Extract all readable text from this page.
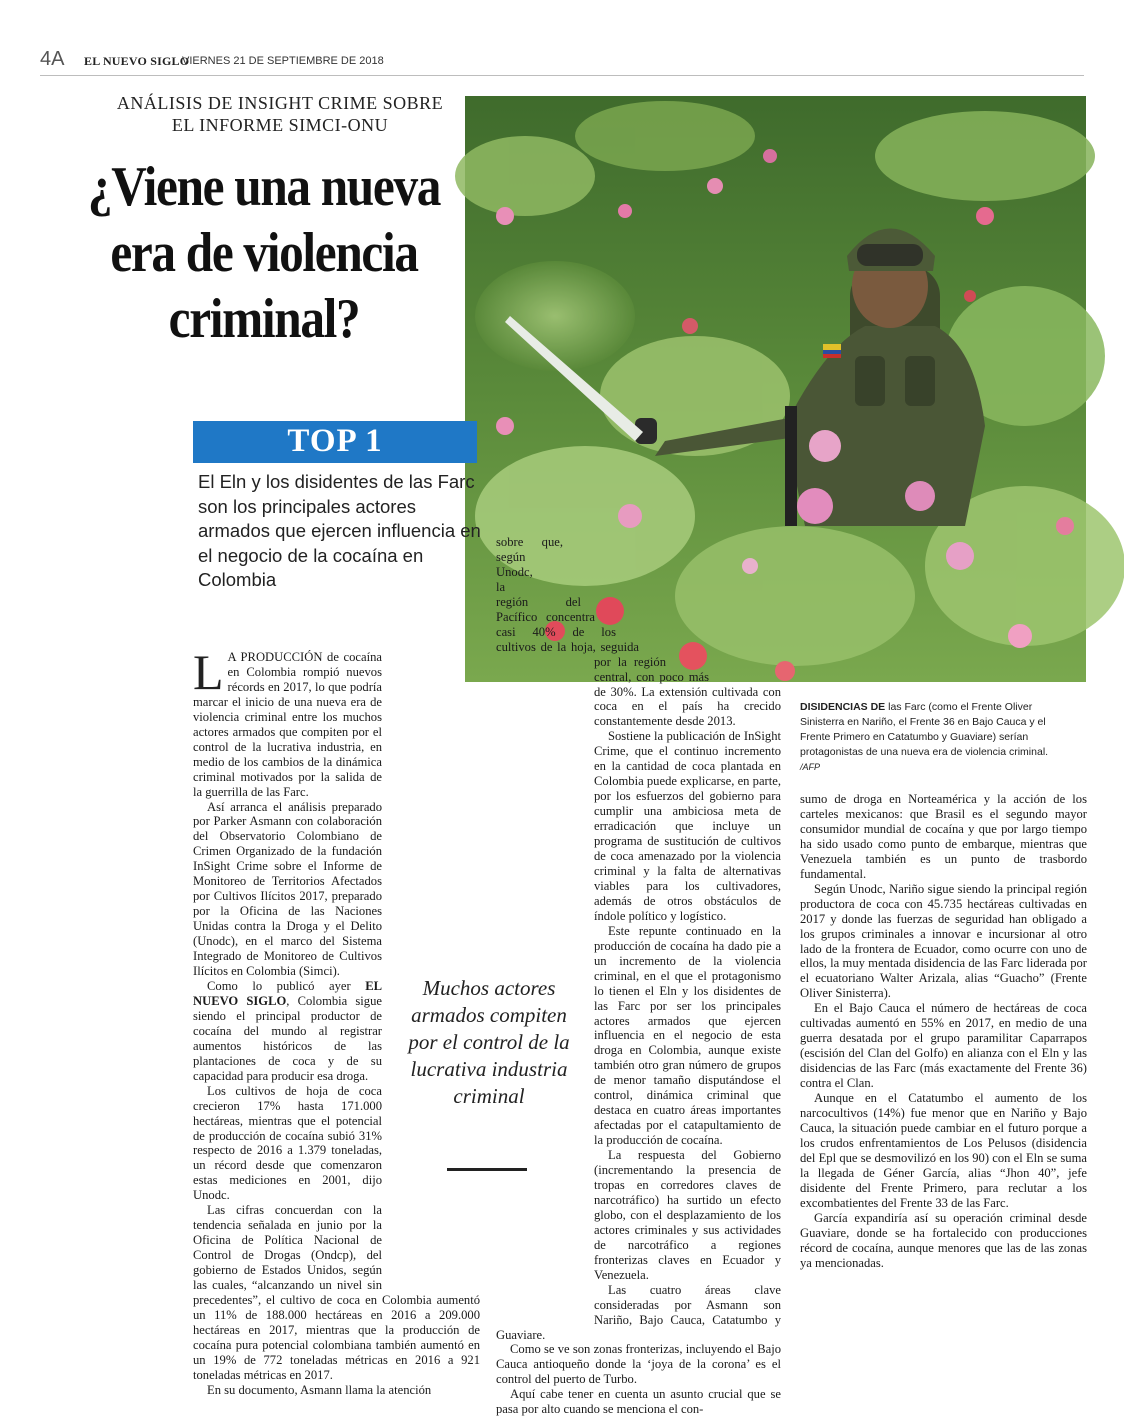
4A EL NUEVO SIGLO
VIERNES 21 DE SEPTIEMBRE DE 2018
ANÁLISIS DE INSIGHT CRIME SOBRE
EL INFORME SIMCI-ONU
¿Viene una nueva
era de violencia
criminal?
DISIDENCIAS DE las Farc (como el Frente Oliver Sinisterra en Nariño, el Frente 36 en Bajo Cauca y el Frente Primero en Catatumbo y Guaviare) serían protagonistas de una nueva era de violencia criminal. /AFP
TOP 1
El Eln y los disidentes de las Farc son los principales actores armados que ejercen influencia en el negocio de la cocaína en Colombia

L A PRODUCCIÓN de cocaína en Colombia rompió nuevos récords en 2017, lo que podría marcar el inicio de una nueva era de violencia criminal entre los muchos actores armados que compiten por el control de la lucrativa industria, en medio de los cambios de la dinámica criminal motivados por la salida de la guerrilla de las Farc.

Así arranca el análisis preparado por Parker Asmann con colaboración del Observatorio Colombiano de Crimen Organizado de la fundación InSight Crime sobre el Informe de Monitoreo de Territorios Afectados por Cultivos Ilícitos 2017, preparado por la Oficina de las Naciones Unidas contra la Droga y el Delito (Unodc), en el marco del Sistema Integrado de Monitoreo de Cultivos Ilícitos en Colombia (Simci).

Como lo publicó ayer EL NUEVO SIGLO, Colombia sigue siendo el principal productor de cocaína del mundo al registrar aumentos históricos de las plantaciones de coca y de su capacidad para producir esa droga.

Los cultivos de hoja de coca crecieron 17% hasta 171.000 hectáreas, mientras que el potencial de producción de cocaína subió 31% respecto de 2016 a 1.379 toneladas, un récord desde que comenzaron estas mediciones en 2001, dijo Unodc.

Las cifras concuerdan con la tendencia señalada en junio por la Oficina de Política Nacional de Control de Drogas (Ondcp), del gobierno de Estados Unidos, según las cuales, “alcanzando un nivel sin precedentes”, el cultivo de coca en Colombia aumentó un 11% de 188.000 hectáreas en 2016 a 209.000 hectáreas en 2017, mientras que la producción de cocaína pura potencial colombiana también aumentó en un 19% de 772 toneladas métricas en 2016 a 921 toneladas métricas en 2017.

En su documento, Asmann llama la atención

sobre que, según Unodc, la región del Pacífico concentra casi 40% de los cultivos de la hoja, seguida por la región central, con poco más de 30%. La extensión cultivada con coca en el país ha crecido constantemente desde 2013.

Sostiene la publicación de InSight Crime, que el continuo incremento en la cantidad de coca plantada en Colombia puede explicarse, en parte, por los esfuerzos del gobierno para cumplir una ambiciosa meta de erradicación que incluye un programa de sustitución de cultivos de coca amenazado por la violencia criminal y la falta de alternativas viables para los cultivadores, además de otros obstáculos de índole político y logístico.

Este repunte continuado en la producción de cocaína ha dado pie a un incremento de la violencia criminal, en el que el protagonismo lo tienen el Eln y los disidentes de las Farc por ser los principales actores armados que ejercen influencia en el negocio de esta droga en Colombia, aunque existe también otro gran número de grupos de menor tamaño disputándose el control, dinámica criminal que destaca en cuatro áreas importantes afectadas por el catapultamiento de la producción de cocaína.

La respuesta del Gobierno (incrementando la presencia de tropas en corredores claves de narcotráfico) ha surtido un efecto globo, con el desplazamiento de los actores criminales y sus actividades de narcotráfico a regiones fronterizas claves en Ecuador y Venezuela.

Las cuatro áreas clave consideradas por Asmann son Nariño, Bajo Cauca, Catatumbo y Guaviare.

Como se ve son zonas fronterizas, incluyendo el Bajo Cauca antioqueño donde la ‘joya de la corona’ es el control del puerto de Turbo.

Aquí cabe tener en cuenta un asunto crucial que se pasa por alto cuando se menciona el con-

sumo de droga en Norteamérica y la acción de los carteles mexicanos: que Brasil es el segundo mayor consumidor mundial de cocaína y que por largo tiempo ha sido usado como punto de embarque, mientras que Venezuela también es un punto de trasbordo fundamental.

Según Unodc, Nariño sigue siendo la principal región productora de coca con 45.735 hectáreas cultivadas en 2017 y donde las fuerzas de seguridad han obligado a los grupos criminales a innovar e incursionar al otro lado de la frontera de Ecuador, como ocurre con uno de ellos, la muy mentada disidencia de las Farc liderada por el ecuatoriano Walter Arizala, alias “Guacho” (Frente Oliver Sinisterra).

En el Bajo Cauca el número de hectáreas de coca cultivadas aumentó en 55% en 2017, en medio de una guerra desatada por el grupo paramilitar Caparrapos (escisión del Clan del Golfo) en alianza con el Eln y las disidencias de las Farc (más exactamente del Frente 36) contra el Clan.

Aunque en el Catatumbo el aumento de los narcocultivos (14%) fue menor que en Nariño y Bajo Cauca, la situación puede cambiar en el futuro porque a los crudos enfrentamientos de Los Pelusos (disidencia del Epl que se desmovilizó en los 90) con el Eln se suma la llegada de Géner García, alias “Jhon 40”, jefe disidente del Frente Primero, para reclutar a los excombatientes del Frente 33 de las Farc.

García expandiría así su operación criminal desde Guaviare, donde se ha fortalecido con producciones récord de cocaína, aunque menores que las de las zonas ya mencionadas.

Muchos actores armados compiten por el control de la lucrativa industria criminal
